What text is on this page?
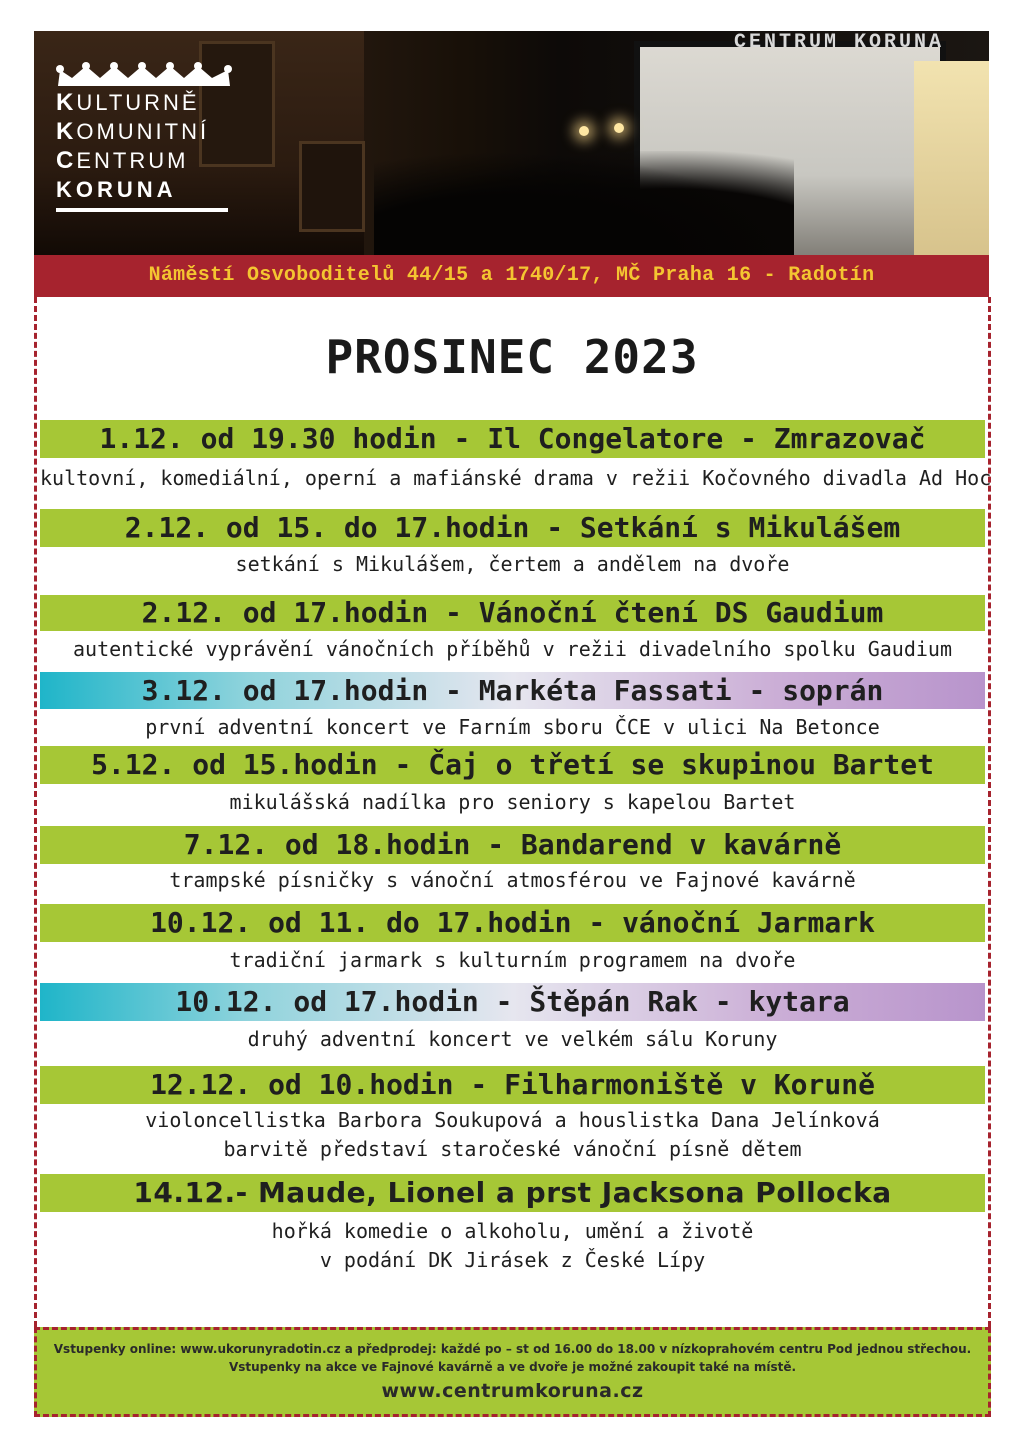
CENTRUM KORUNA
KULTURNĚ
KOMUNITNÍ
CENTRUM
KORUNA
Náměstí Osvoboditelů 44/15 a 1740/17, MČ Praha 16 - Radotín
PROSINEC 2023
1.12. od 19.30 hodin - Il Congelatore - Zmrazovač
kultovní, komediální, operní a mafiánské drama v režii Kočovného divadla Ad Hoc
2.12. od 15. do 17.hodin - Setkání s Mikulášem
setkání s Mikulášem, čertem a andělem na dvoře
2.12. od 17.hodin - Vánoční čtení DS Gaudium
autentické vyprávění vánočních příběhů v režii divadelního spolku Gaudium
3.12. od 17.hodin - Markéta Fassati - soprán
první adventní koncert ve Farním sboru ČCE v ulici Na Betonce
5.12. od 15.hodin - Čaj o třetí se skupinou Bartet
mikulášská nadílka pro seniory s kapelou Bartet
7.12. od 18.hodin - Bandarend v kavárně
trampské písničky s vánoční atmosférou ve Fajnové kavárně
10.12. od 11. do 17.hodin - vánoční Jarmark
tradiční jarmark s kulturním programem na dvoře
10.12. od 17.hodin - Štěpán Rak - kytara
druhý adventní koncert ve velkém sálu Koruny
12.12. od 10.hodin - Filharmoniště v Koruně
violoncellistka Barbora Soukupová a houslistka Dana Jelínková
barvitě představí staročeské vánoční písně dětem
14.12.- Maude, Lionel a prst Jacksona Pollocka
hořká komedie o alkoholu, umění a životě
v podání DK Jirásek z České Lípy

Vstupenky online: www.ukorunyradotin.cz a předprodej: každé po – st od 16.00 do 18.00 v nízkoprahovém centru Pod jednou střechou.

Vstupenky na akce ve Fajnové kavárně a ve dvoře je možné zakoupit také na místě.

www.centrumkoruna.cz
